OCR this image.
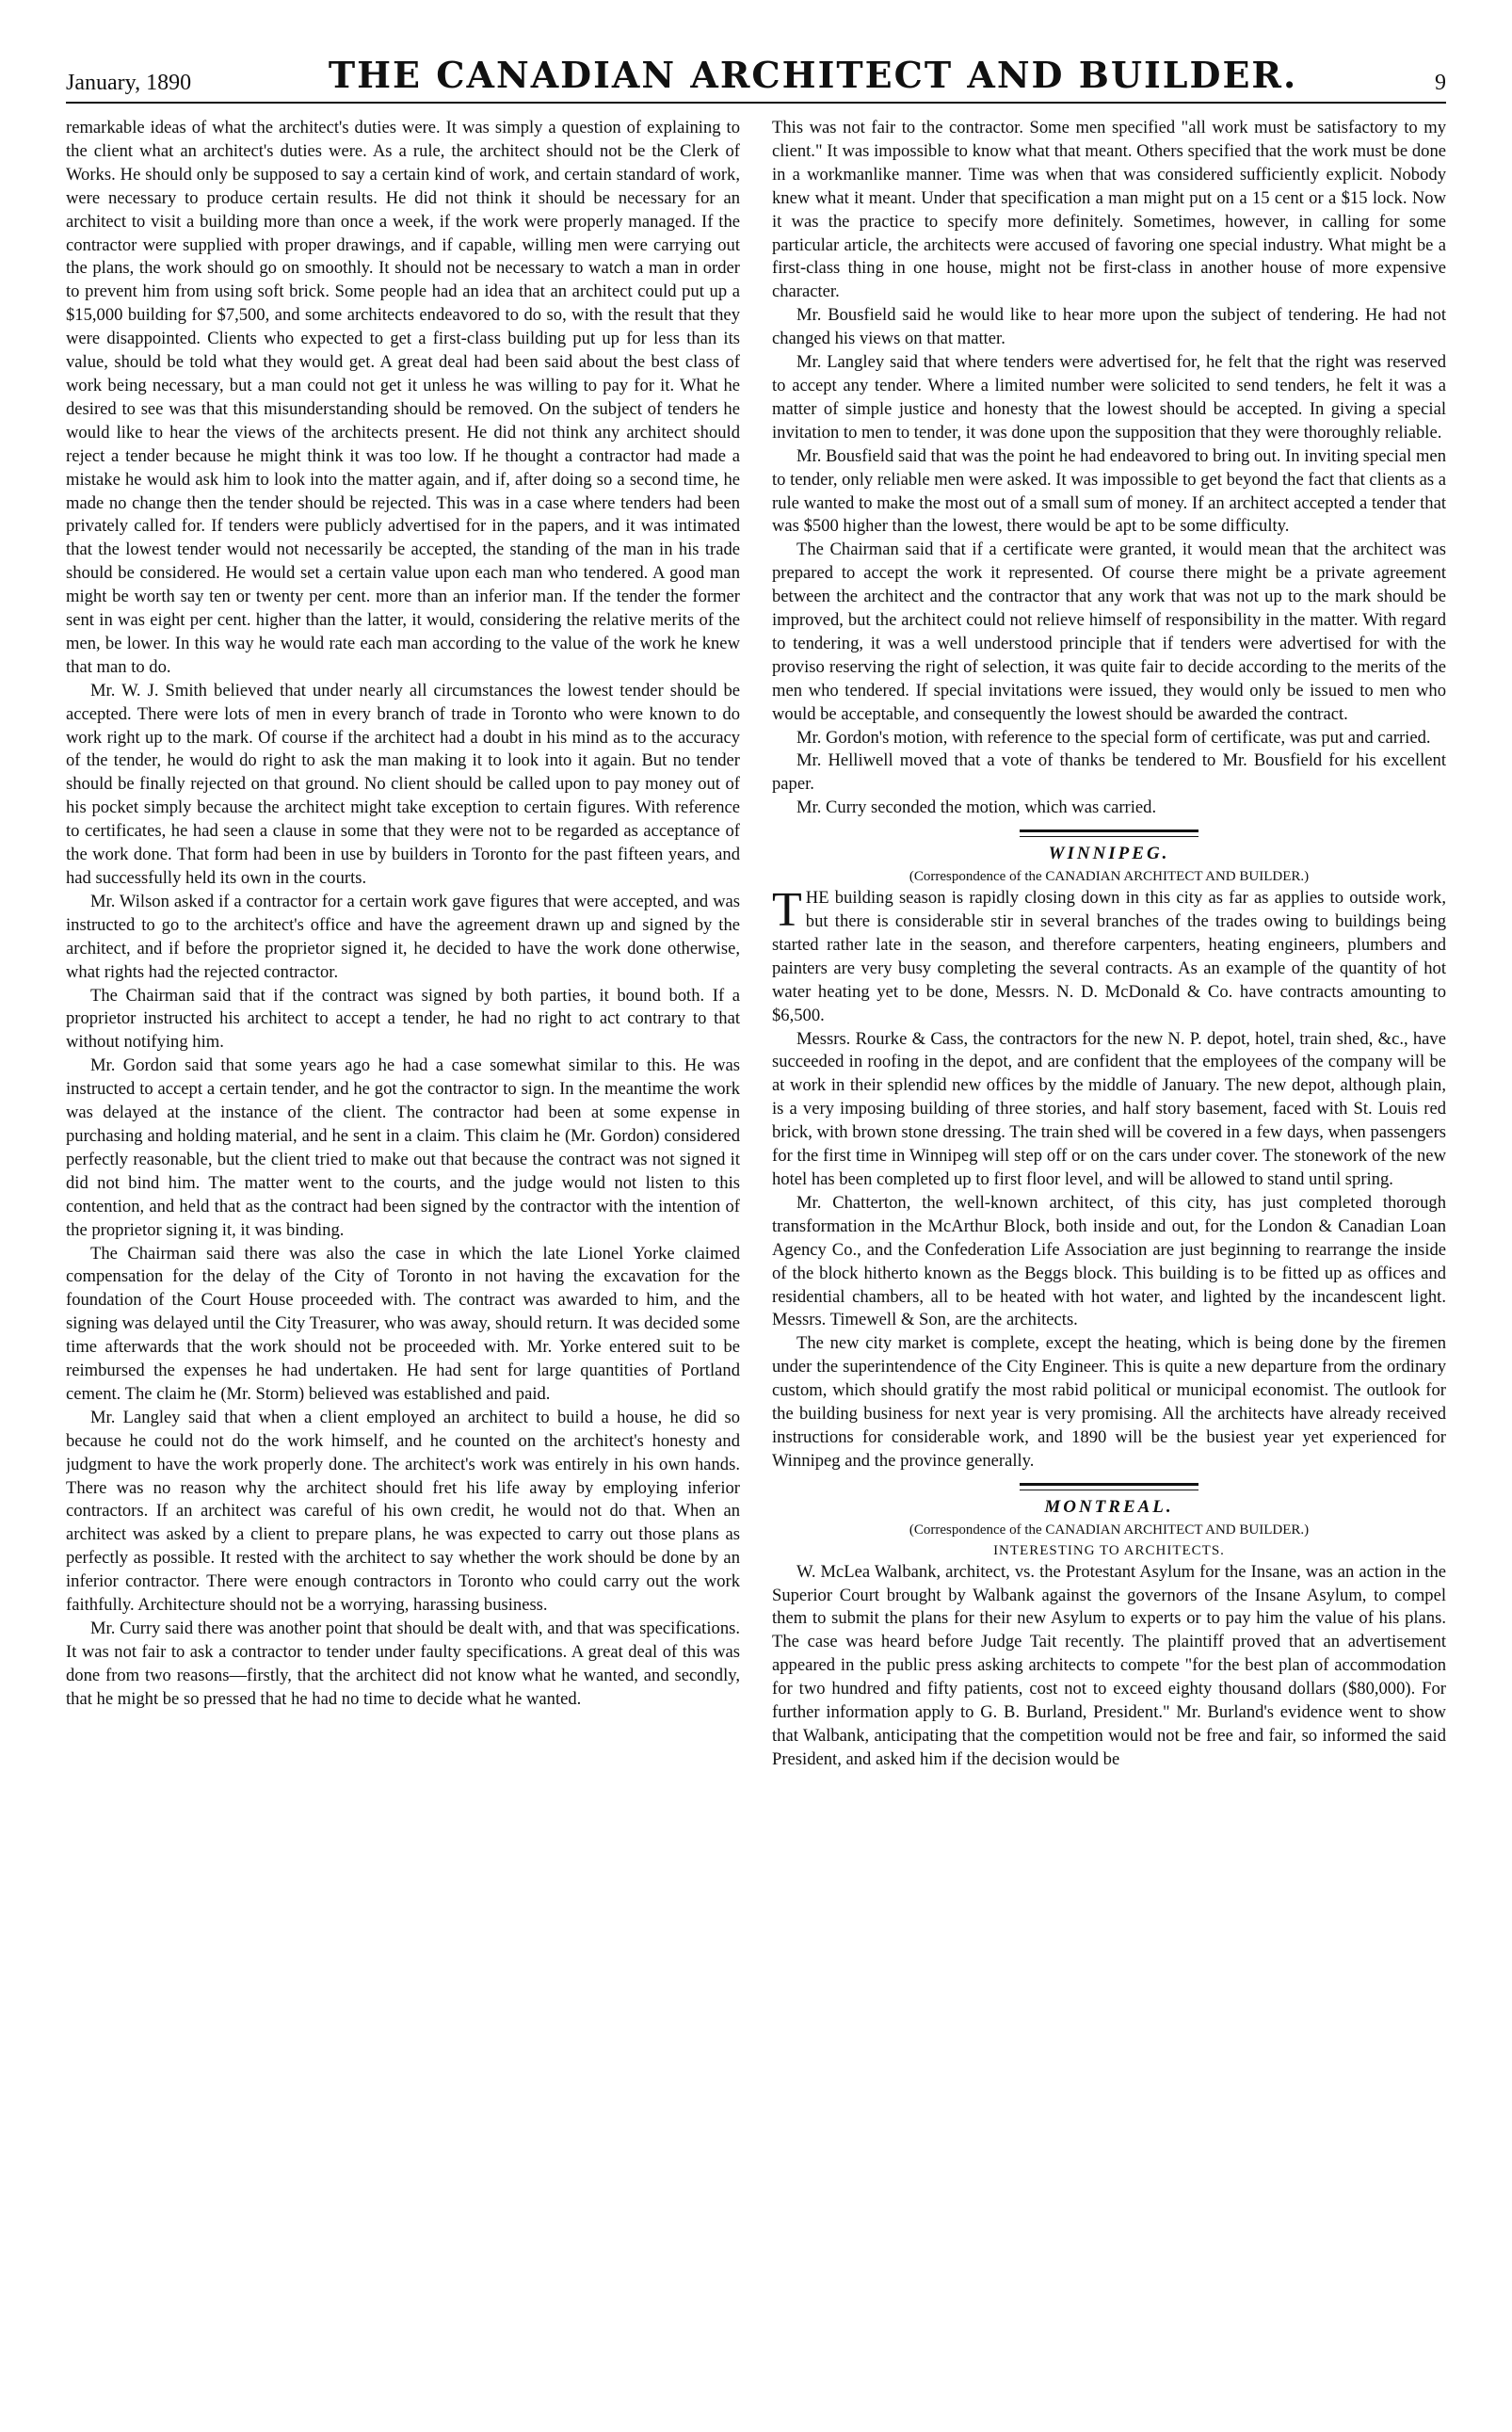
January, 1890	THE CANADIAN ARCHITECT AND BUILDER.	9

remarkable ideas of what the architect's duties were. It was simply a question of explaining to the client what an architect's duties were. As a rule, the architect should not be the Clerk of Works. He should only be supposed to say a certain kind of work, and certain standard of work, were necessary to produce certain results. He did not think it should be necessary for an architect to visit a building more than once a week, if the work were properly managed. If the contractor were supplied with proper drawings, and if capable, willing men were carrying out the plans, the work should go on smoothly. It should not be necessary to watch a man in order to prevent him from using soft brick. Some people had an idea that an architect could put up a $15,000 building for $7,500, and some architects endeavored to do so, with the result that they were disappointed. Clients who expected to get a first-class building put up for less than its value, should be told what they would get. A great deal had been said about the best class of work being necessary, but a man could not get it unless he was willing to pay for it. What he desired to see was that this misunderstanding should be removed. On the subject of tenders he would like to hear the views of the architects present. He did not think any architect should reject a tender because he might think it was too low. If he thought a contractor had made a mistake he would ask him to look into the matter again, and if, after doing so a second time, he made no change then the tender should be rejected. This was in a case where tenders had been privately called for. If tenders were publicly advertised for in the papers, and it was intimated that the lowest tender would not necessarily be accepted, the standing of the man in his trade should be considered. He would set a certain value upon each man who tendered. A good man might be worth say ten or twenty per cent. more than an inferior man. If the tender the former sent in was eight per cent. higher than the latter, it would, considering the relative merits of the men, be lower. In this way he would rate each man according to the value of the work he knew that man to do.

Mr. W. J. Smith believed that under nearly all circumstances the lowest tender should be accepted. There were lots of men in every branch of trade in Toronto who were known to do work right up to the mark. Of course if the architect had a doubt in his mind as to the accuracy of the tender, he would do right to ask the man making it to look into it again. But no tender should be finally rejected on that ground. No client should be called upon to pay money out of his pocket simply because the architect might take exception to certain figures. With reference to certificates, he had seen a clause in some that they were not to be regarded as acceptance of the work done. That form had been in use by builders in Toronto for the past fifteen years, and had successfully held its own in the courts.

Mr. Wilson asked if a contractor for a certain work gave figures that were accepted, and was instructed to go to the architect's office and have the agreement drawn up and signed by the architect, and if before the proprietor signed it, he decided to have the work done otherwise, what rights had the rejected contractor.

The Chairman said that if the contract was signed by both parties, it bound both. If a proprietor instructed his architect to accept a tender, he had no right to act contrary to that without notifying him.

Mr. Gordon said that some years ago he had a case somewhat similar to this. He was instructed to accept a certain tender, and he got the contractor to sign. In the meantime the work was delayed at the instance of the client. The contractor had been at some expense in purchasing and holding material, and he sent in a claim. This claim he (Mr. Gordon) considered perfectly reasonable, but the client tried to make out that because the contract was not signed it did not bind him. The matter went to the courts, and the judge would not listen to this contention, and held that as the contract had been signed by the contractor with the intention of the proprietor signing it, it was binding.

The Chairman said there was also the case in which the late Lionel Yorke claimed compensation for the delay of the City of Toronto in not having the excavation for the foundation of the Court House proceeded with. The contract was awarded to him, and the signing was delayed until the City Treasurer, who was away, should return. It was decided some time afterwards that the work should not be proceeded with. Mr. Yorke entered suit to be reimbursed the expenses he had undertaken. He had sent for large quantities of Portland cement. The claim he (Mr. Storm) believed was established and paid.

Mr. Langley said that when a client employed an architect to build a house, he did so because he could not do the work himself, and he counted on the architect's honesty and judgment to have the work properly done. The architect's work was entirely in his own hands. There was no reason why the architect should fret his life away by employing inferior contractors. If an architect was careful of his own credit, he would not do that. When an architect was asked by a client to prepare plans, he was expected to carry out those plans as perfectly as possible. It rested with the architect to say whether the work should be done by an inferior contractor. There were enough contractors in Toronto who could carry out the work faithfully. Architecture should not be a worrying, harassing business.

Mr. Curry said there was another point that should be dealt with, and that was specifications. It was not fair to ask a contractor to tender under faulty specifications. A great deal of this was done from two reasons—firstly, that the architect did not know what he wanted, and secondly, that he might be so pressed that he had no time to decide what he wanted.

This was not fair to the contractor. Some men specified "all work must be satisfactory to my client." It was impossible to know what that meant. Others specified that the work must be done in a workmanlike manner. Time was when that was considered sufficiently explicit. Nobody knew what it meant. Under that specification a man might put on a 15 cent or a $15 lock. Now it was the practice to specify more definitely. Sometimes, however, in calling for some particular article, the architects were accused of favoring one special industry. What might be a first-class thing in one house, might not be first-class in another house of more expensive character.

Mr. Bousfield said he would like to hear more upon the subject of tendering. He had not changed his views on that matter.

Mr. Langley said that where tenders were advertised for, he felt that the right was reserved to accept any tender. Where a limited number were solicited to send tenders, he felt it was a matter of simple justice and honesty that the lowest should be accepted. In giving a special invitation to men to tender, it was done upon the supposition that they were thoroughly reliable.

Mr. Bousfield said that was the point he had endeavored to bring out. In inviting special men to tender, only reliable men were asked. It was impossible to get beyond the fact that clients as a rule wanted to make the most out of a small sum of money. If an architect accepted a tender that was $500 higher than the lowest, there would be apt to be some difficulty.

The Chairman said that if a certificate were granted, it would mean that the architect was prepared to accept the work it represented. Of course there might be a private agreement between the architect and the contractor that any work that was not up to the mark should be improved, but the architect could not relieve himself of responsibility in the matter. With regard to tendering, it was a well understood principle that if tenders were advertised for with the proviso reserving the right of selection, it was quite fair to decide according to the merits of the men who tendered. If special invitations were issued, they would only be issued to men who would be acceptable, and consequently the lowest should be awarded the contract.

Mr. Gordon's motion, with reference to the special form of certificate, was put and carried.

Mr. Helliwell moved that a vote of thanks be tendered to Mr. Bousfield for his excellent paper.

Mr. Curry seconded the motion, which was carried.

WINNIPEG.
(Correspondence of the CANADIAN ARCHITECT AND BUILDER.)

THE building season is rapidly closing down in this city as far as applies to outside work, but there is considerable stir in several branches of the trades owing to buildings being started rather late in the season, and therefore carpenters, heating engineers, plumbers and painters are very busy completing the several contracts. As an example of the quantity of hot water heating yet to be done, Messrs. N. D. McDonald & Co. have contracts amounting to $6,500.

Messrs. Rourke & Cass, the contractors for the new N. P. depot, hotel, train shed, &c., have succeeded in roofing in the depot, and are confident that the employees of the company will be at work in their splendid new offices by the middle of January. The new depot, although plain, is a very imposing building of three stories, and half story basement, faced with St. Louis red brick, with brown stone dressing. The train shed will be covered in a few days, when passengers for the first time in Winnipeg will step off or on the cars under cover. The stonework of the new hotel has been completed up to first floor level, and will be allowed to stand until spring.

Mr. Chatterton, the well-known architect, of this city, has just completed thorough transformation in the McArthur Block, both inside and out, for the London & Canadian Loan Agency Co., and the Confederation Life Association are just beginning to rearrange the inside of the block hitherto known as the Beggs block. This building is to be fitted up as offices and residential chambers, all to be heated with hot water, and lighted by the incandescent light. Messrs. Timewell & Son, are the architects.

The new city market is complete, except the heating, which is being done by the firemen under the superintendence of the City Engineer. This is quite a new departure from the ordinary custom, which should gratify the most rabid political or municipal economist. The outlook for the building business for next year is very promising. All the architects have already received instructions for considerable work, and 1890 will be the busiest year yet experienced for Winnipeg and the province generally.

MONTREAL.
(Correspondence of the CANADIAN ARCHITECT AND BUILDER.)
INTERESTING TO ARCHITECTS.

W. McLea Walbank, architect, vs. the Protestant Asylum for the Insane, was an action in the Superior Court brought by Walbank against the governors of the Insane Asylum, to compel them to submit the plans for their new Asylum to experts or to pay him the value of his plans. The case was heard before Judge Tait recently. The plaintiff proved that an advertisement appeared in the public press asking architects to compete "for the best plan of accommodation for two hundred and fifty patients, cost not to exceed eighty thousand dollars ($80,000). For further information apply to G. B. Burland, President." Mr. Burland's evidence went to show that Walbank, anticipating that the competition would not be free and fair, so informed the said President, and asked him if the decision would be
